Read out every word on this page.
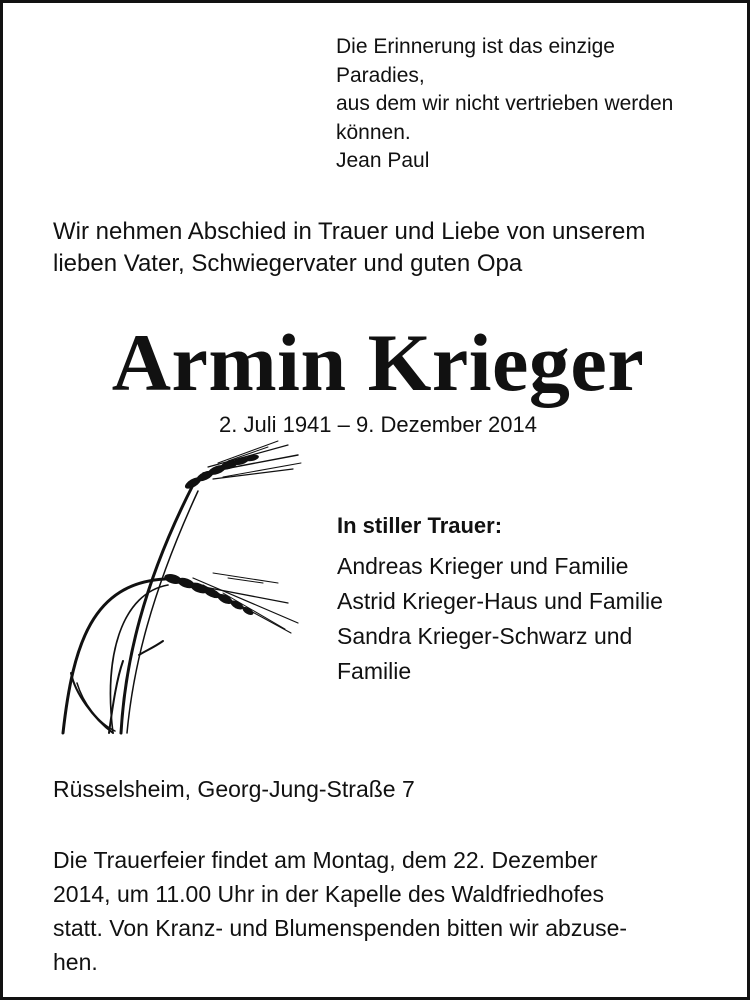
Die Erinnerung ist das einzige
Paradies,
aus dem wir nicht vertrieben werden
können.
Jean Paul
Wir nehmen Abschied in Trauer und Liebe von unserem
lieben Vater, Schwiegervater und guten Opa
Armin Krieger
2. Juli 1941 – 9. Dezember 2014
In stiller Trauer:
Andreas Krieger und Familie
Astrid Krieger-Haus und Familie
Sandra Krieger-Schwarz und
Familie
Rüsselsheim, Georg-Jung-Straße 7
Die Trauerfeier findet am Montag, dem 22. Dezember
2014, um 11.00 Uhr in der Kapelle des Waldfriedhofes
statt. Von Kranz- und Blumenspenden bitten wir abzuse-
hen.
